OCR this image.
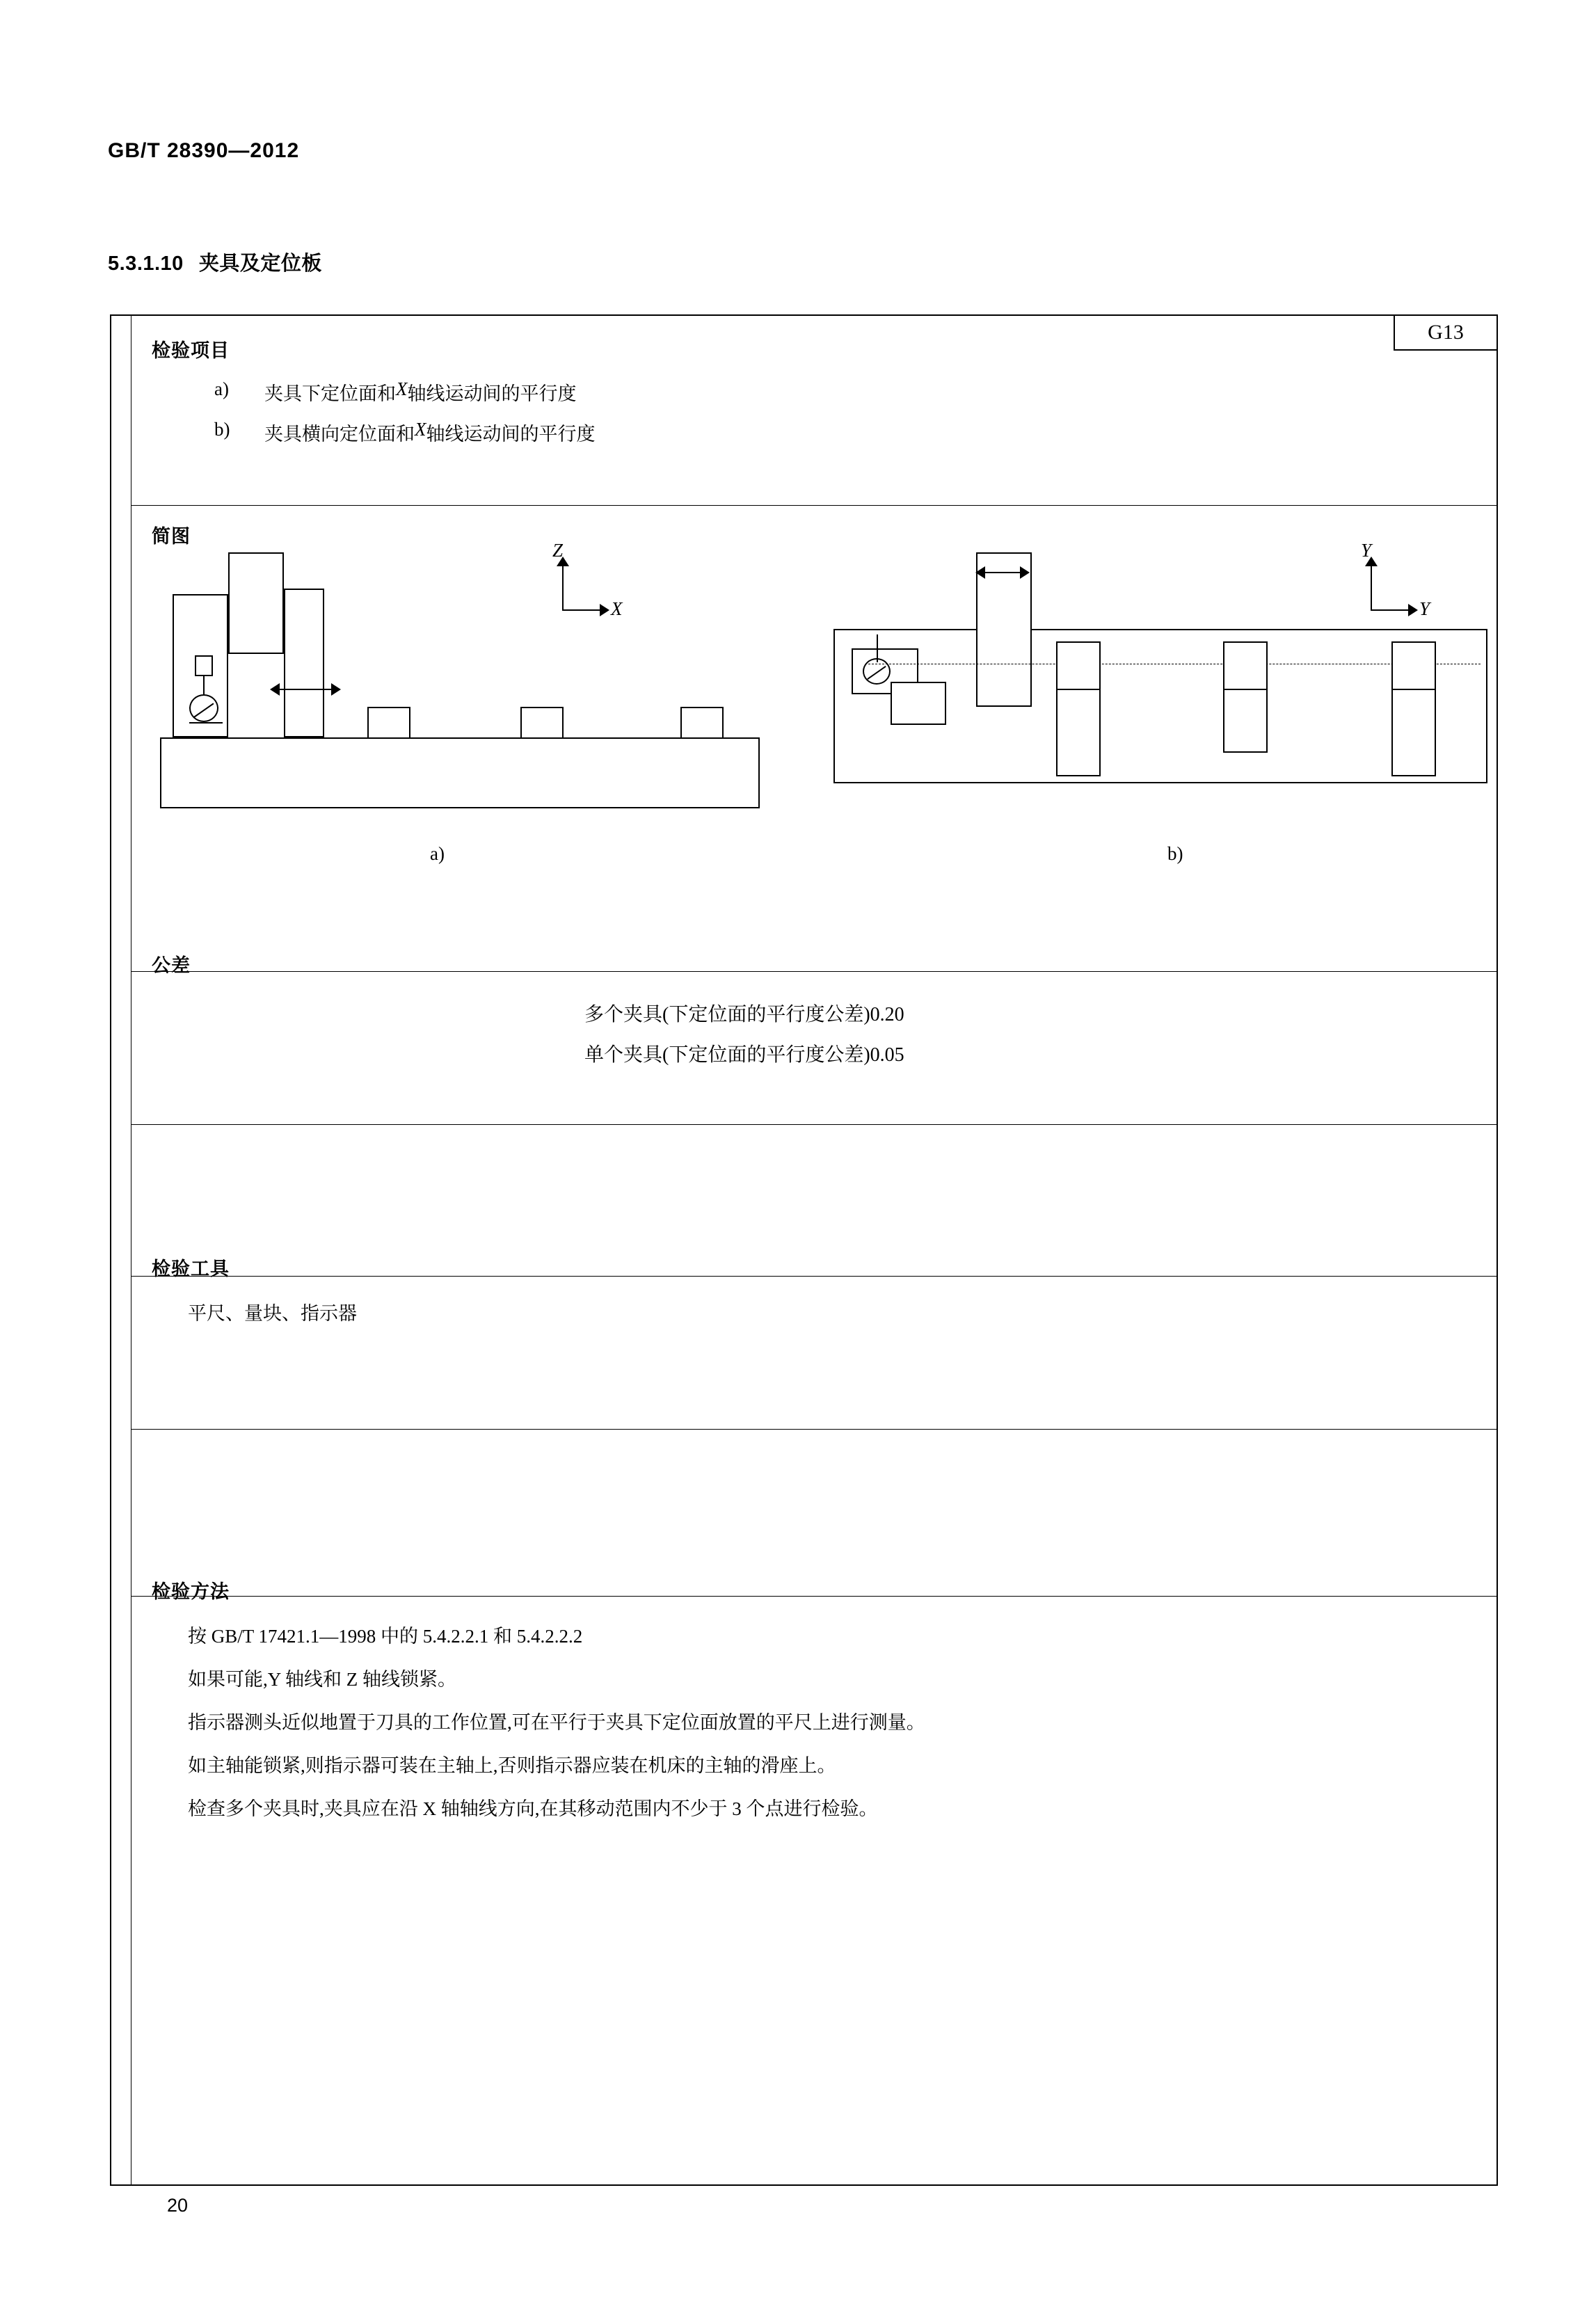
GB/T 28390—2012
5.3.1.10 夹具及定位板
G13
检验项目
a)	夹具下定位面和 X 轴线运动间的平行度
b)	夹具横向定位面和 X 轴线运动间的平行度
简图
Z
X
a)
Y
Y
b)
公差
多个夹具(下定位面的平行度公差)0.20
单个夹具(下定位面的平行度公差)0.05
检验工具
平尺、量块、指示器
检验方法
按 GB/T 17421.1—1998 中的 5.4.2.2.1 和 5.4.2.2.2
如果可能,Y 轴线和 Z 轴线锁紧。
指示器测头近似地置于刀具的工作位置,可在平行于夹具下定位面放置的平尺上进行测量。
如主轴能锁紧,则指示器可装在主轴上,否则指示器应装在机床的主轴的滑座上。
检查多个夹具时,夹具应在沿 X 轴轴线方向,在其移动范围内不少于 3 个点进行检验。
20
